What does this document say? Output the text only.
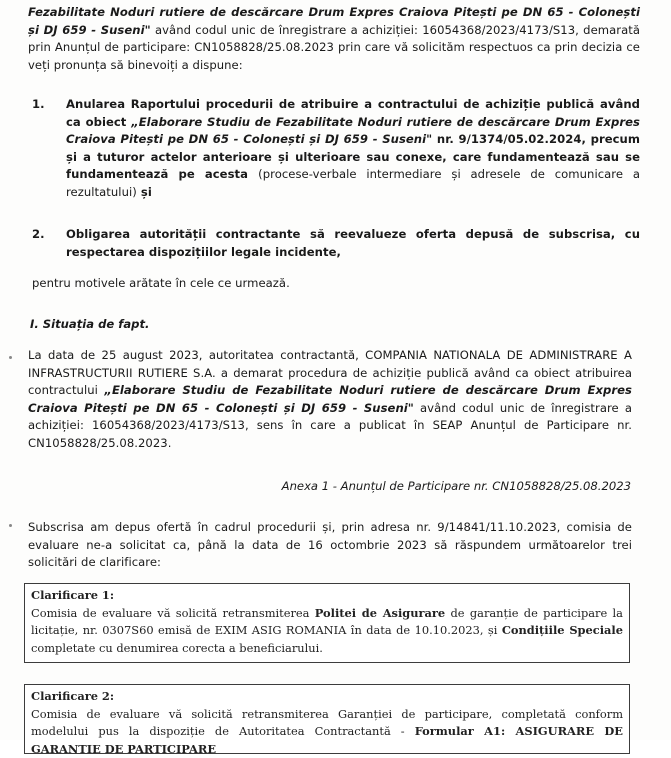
Fezabilitate Noduri rutiere de descărcare Drum Expres Craiova Pitești pe DN 65 - Colonești și DJ 659 - Suseni" având codul unic de înregistrare a achiziției: 16054368/2023/4173/S13, demarată prin Anunțul de participare: CN1058828/25.08.2023 prin care vă solicităm respectuos ca prin decizia ce veți pronunța să binevoiți a dispune:
1. Anularea Raportului procedurii de atribuire a contractului de achiziție publică având ca obiect „Elaborare Studiu de Fezabilitate Noduri rutiere de descărcare Drum Expres Craiova Pitești pe DN 65 - Colonești și DJ 659 - Suseni" nr. 9/1374/05.02.2024, precum și a tuturor actelor anterioare și ulterioare sau conexe, care fundamentează sau se fundamentează pe acesta (procese-verbale intermediare și adresele de comunicare a rezultatului) și
2. Obligarea autorității contractante să reevalueze oferta depusă de subscrisa, cu respectarea dispozițiilor legale incidente,
pentru motivele arătate în cele ce urmează.
I. Situația de fapt.
La data de 25 august 2023, autoritatea contractantă, COMPANIA NATIONALA DE ADMINISTRARE A INFRASTRUCTURII RUTIERE S.A. a demarat procedura de achiziție publică având ca obiect atribuirea contractului „Elaborare Studiu de Fezabilitate Noduri rutiere de descărcare Drum Expres Craiova Pitești pe DN 65 - Colonești și DJ 659 - Suseni" având codul unic de înregistrare a achiziției: 16054368/2023/4173/S13, sens în care a publicat în SEAP Anunțul de Participare nr. CN1058828/25.08.2023.
Anexa 1 - Anunțul de Participare nr. CN1058828/25.08.2023
Subscrisa am depus ofertă în cadrul procedurii și, prin adresa nr. 9/14841/11.10.2023, comisia de evaluare ne-a solicitat ca, până la data de 16 octombrie 2023 să răspundem următoarelor trei solicitări de clarificare:
Clarificare 1:
Comisia de evaluare vă solicită retransmiterea Politei de Asigurare de garanție de participare la licitație, nr. 0307S60 emisă de EXIM ASIG ROMANIA în data de 10.10.2023, și Condițiile Speciale completate cu denumirea corecta a beneficiarului.
Clarificare 2:
Comisia de evaluare vă solicită retransmiterea Garanției de participare, completată conform modelului pus la dispoziție de Autoritatea Contractantă - Formular A1: ASIGURARE DE GARANTIE DE PARTICIPARE
